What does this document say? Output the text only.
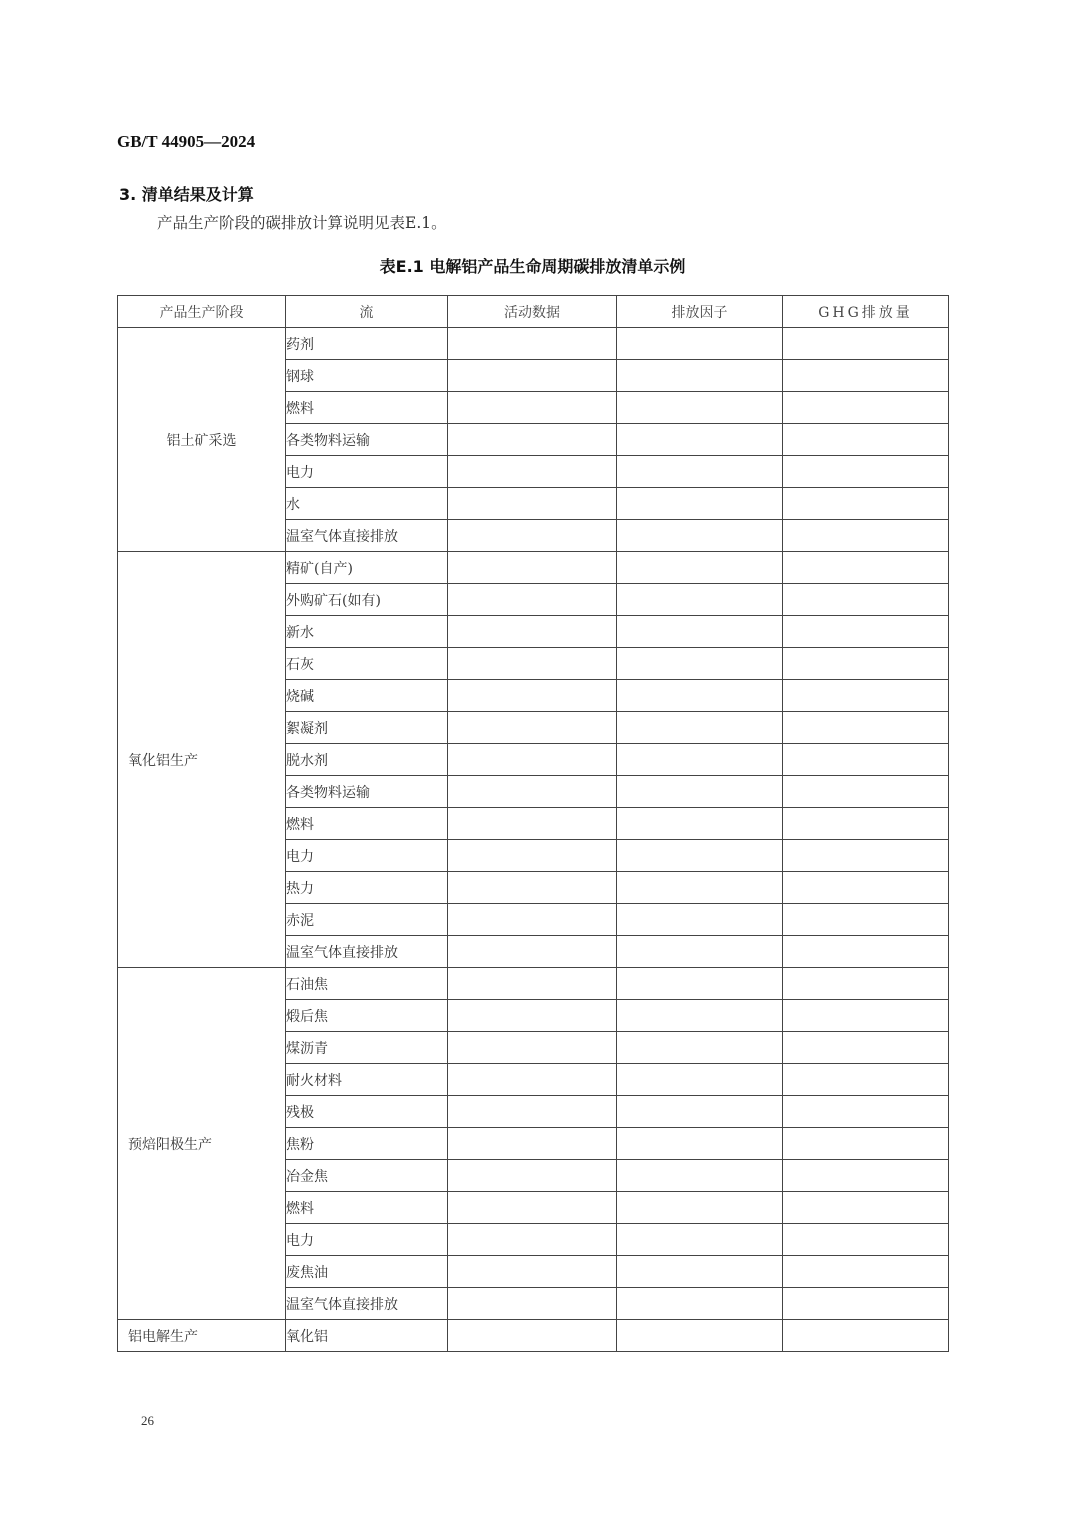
GB/T 44905—2024
3. 清单结果及计算
产品生产阶段的碳排放计算说明见表E.1。
表E.1 电解铝产品生命周期碳排放清单示例
产品生产阶段	流	活动数据	排放因子	GHG排放量
铝土矿采选	药剂			
	钢球			
	燃料			
	各类物料运输			
	电力			
	水			
	温室气体直接排放			
氧化铝生产	精矿(自产)			
	外购矿石(如有)			
	新水			
	石灰			
	烧碱			
	絮凝剂			
	脱水剂			
	各类物料运输			
	燃料			
	电力			
	热力			
	赤泥			
	温室气体直接排放			
预焙阳极生产	石油焦			
	煅后焦			
	煤沥青			
	耐火材料			
	残极			
	焦粉			
	冶金焦			
	燃料			
	电力			
	废焦油			
	温室气体直接排放			
铝电解生产	氧化铝			
26
